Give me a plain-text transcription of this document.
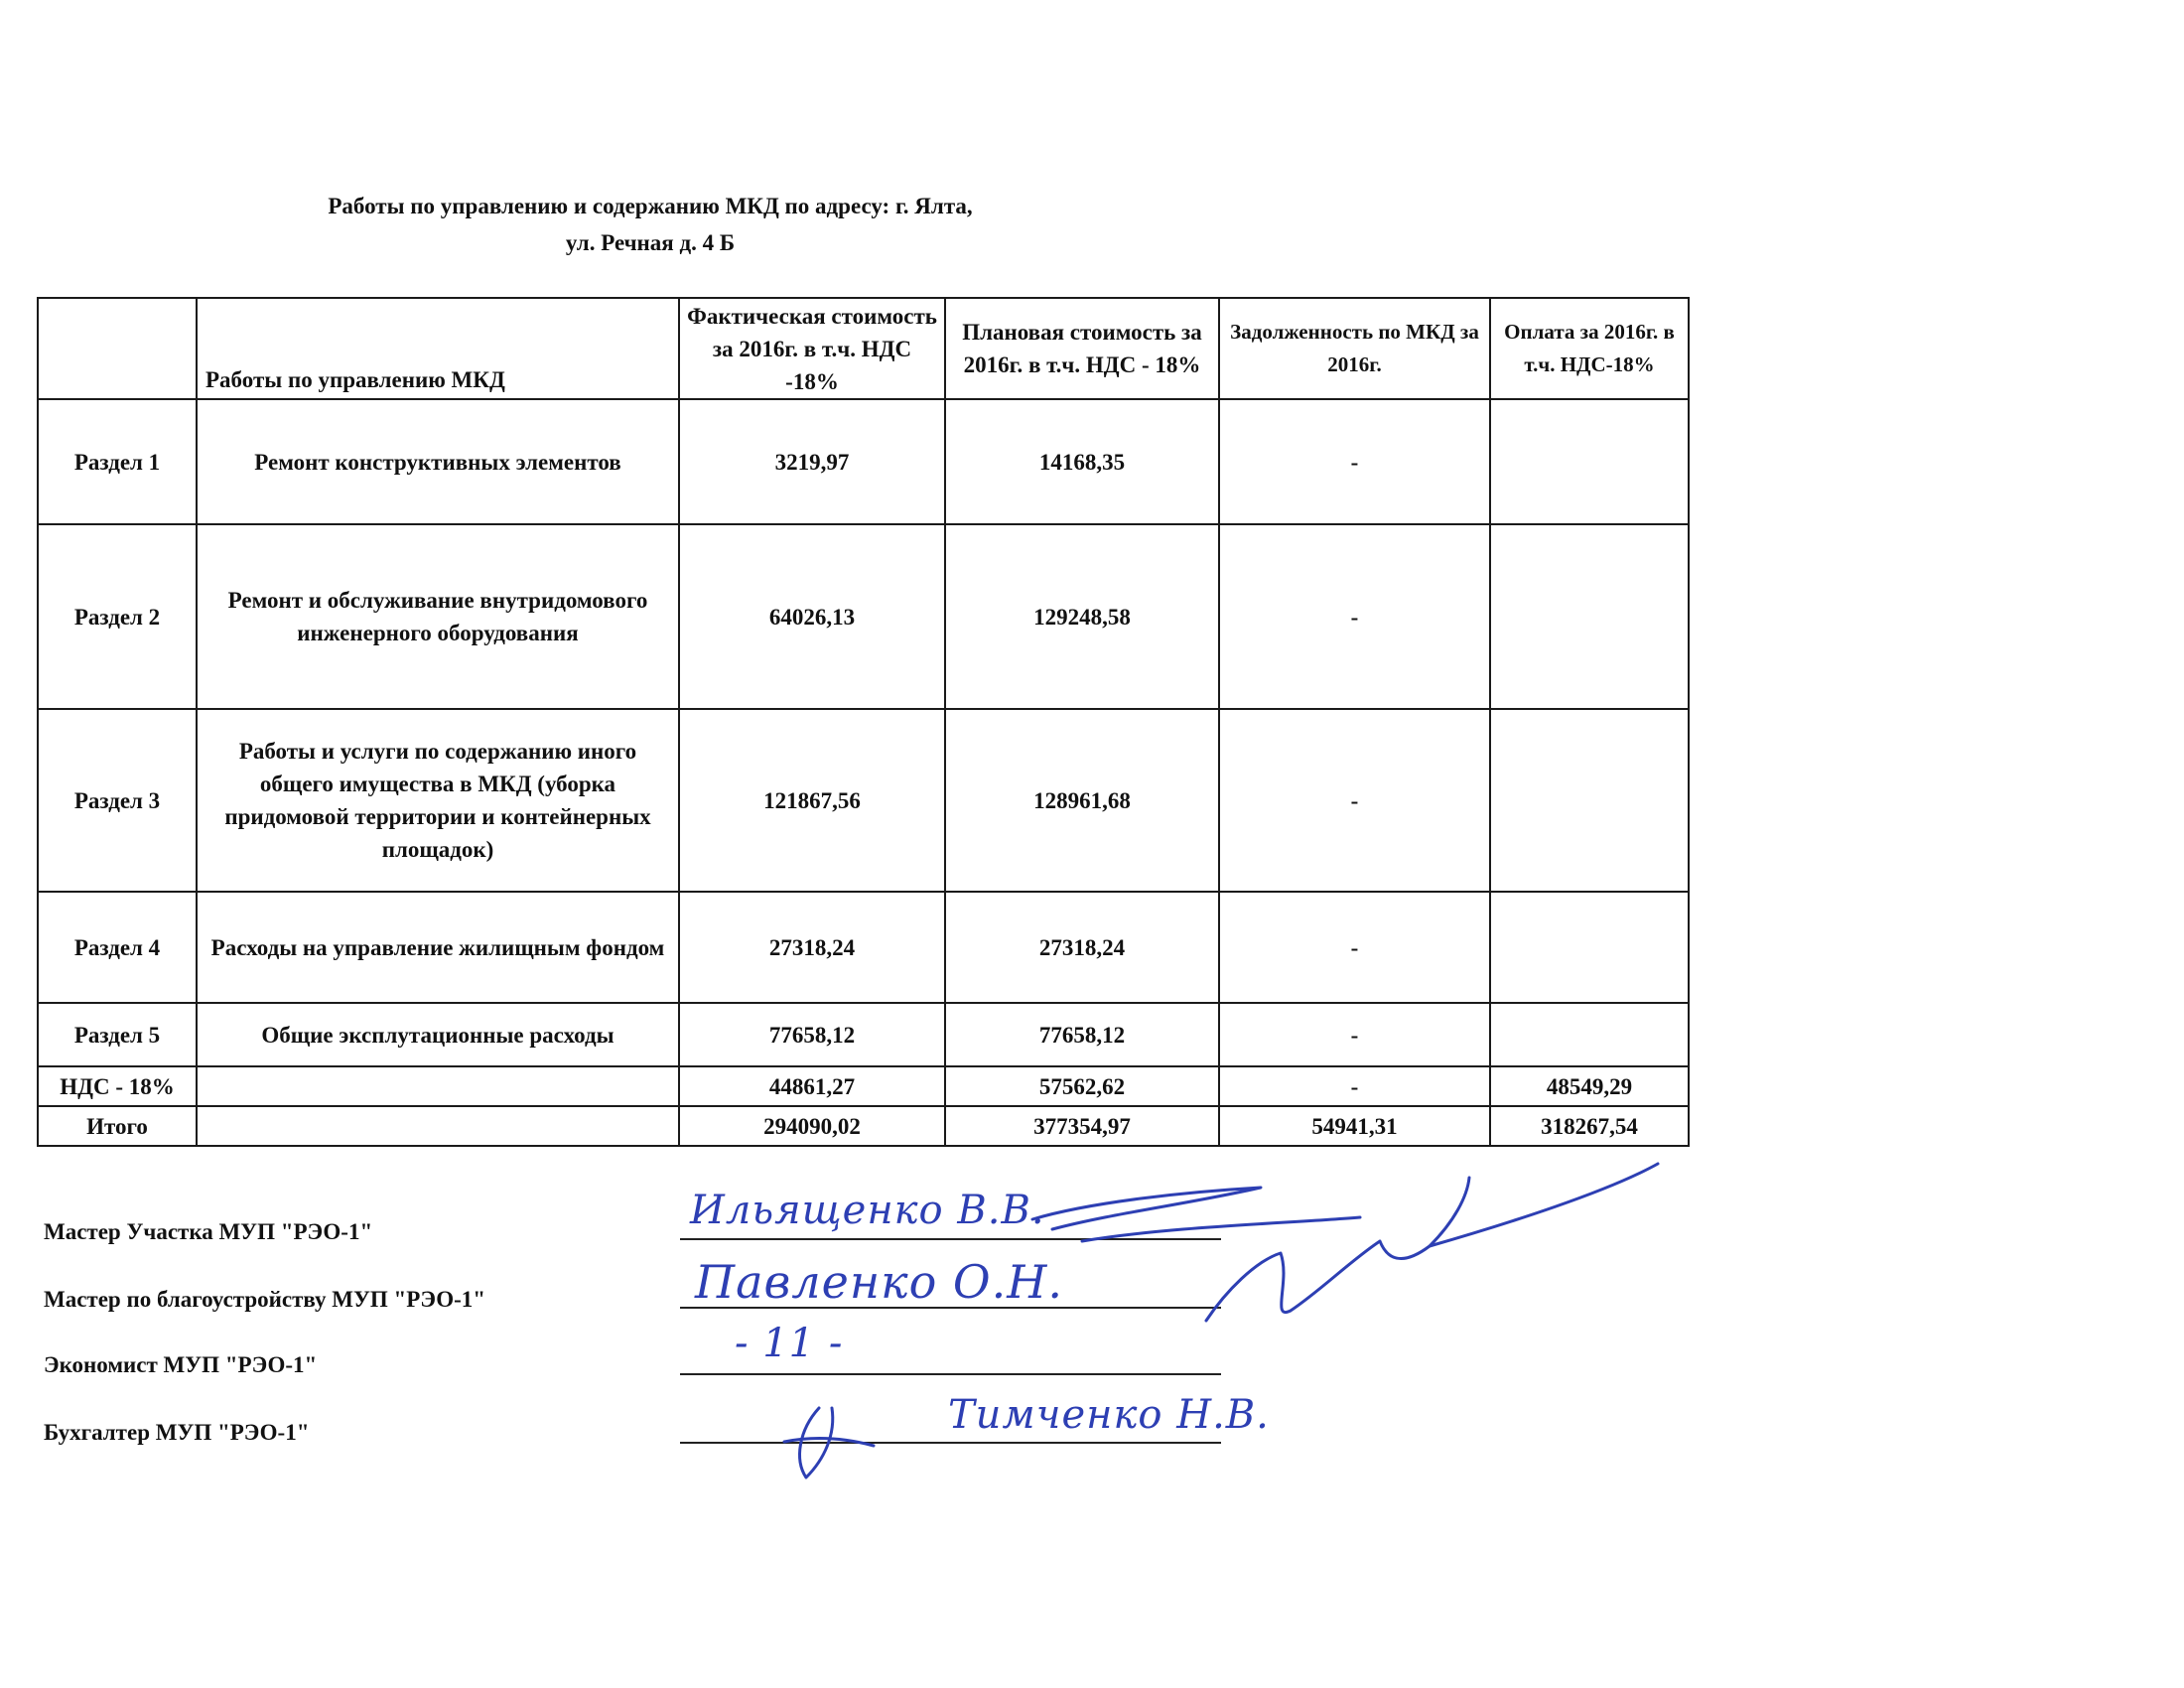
Работы по управлению и содержанию МКД по адресу: г. Ялта,
ул. Речная д. 4 Б
	Работы по управлению МКД	Фактическая стоимость за 2016г. в т.ч. НДС -18%	Плановая стоимость за 2016г. в т.ч. НДС - 18%	Задолженность по МКД за 2016г.	Оплата за 2016г. в т.ч. НДС-18%
Раздел 1	Ремонт конструктивных элементов	3219,97	14168,35	-	
Раздел 2	Ремонт и обслуживание внутридомового инженерного оборудования	64026,13	129248,58	-	
Раздел 3	Работы и услуги по содержанию иного общего имущества в МКД (уборка придомовой территории и контейнерных площадок)	121867,56	128961,68	-	
Раздел 4	Расходы на управление жилищным фондом	27318,24	27318,24	-	
Раздел 5	Общие эксплутационные расходы	77658,12	77658,12	-	
НДС - 18%		44861,27	57562,62	-	48549,29
Итого		294090,02	377354,97	54941,31	318267,54
Мастер Участка МУП "РЭО-1"	Ильященко В.В.
Мастер по благоустройству МУП "РЭО-1"	Павленко О.Н.
Экономист МУП "РЭО-1"	- 11 -
Бухгалтер МУП "РЭО-1"	Тимченко Н.В.
